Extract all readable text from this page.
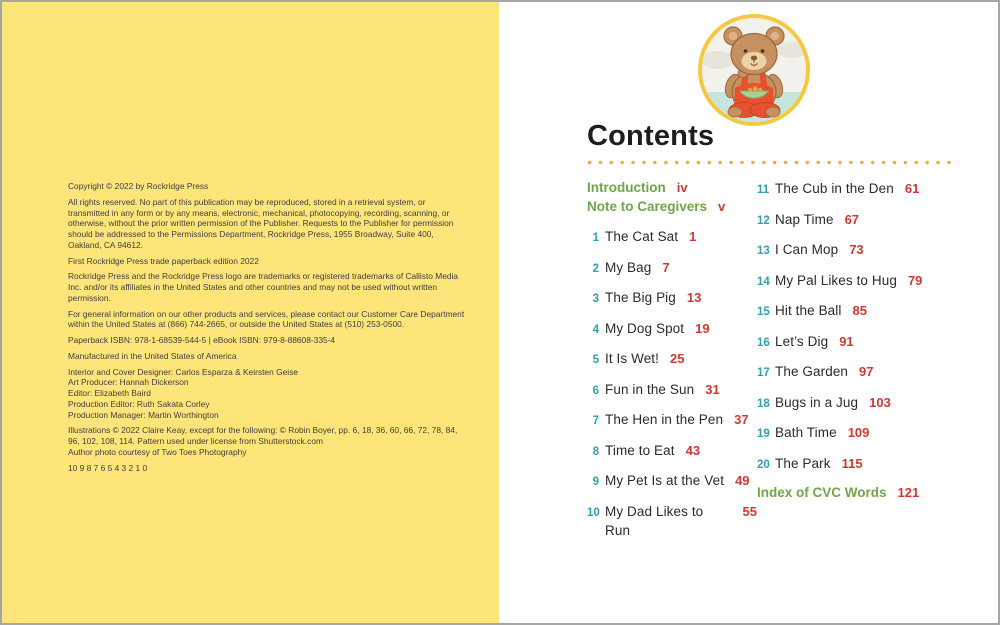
Copyright © 2022 by Rockridge Press

All rights reserved. No part of this publication may be reproduced, stored in a retrieval system, or transmitted in any form or by any means, electronic, mechanical, photocopying, recording, scanning, or otherwise, without the prior written permission of the Publisher. Requests to the Publisher for permission should be addressed to the Permissions Department, Rockridge Press, 1955 Broadway, Suite 400, Oakland, CA 94612.

First Rockridge Press trade paperback edition 2022

Rockridge Press and the Rockridge Press logo are trademarks or registered trademarks of Callisto Media Inc. and/or its affiliates in the United States and other countries and may not be used without written permission.

For general information on our other products and services, please contact our Customer Care Department within the United States at (866) 744-2665, or outside the United States at (510) 253-0500.

Paperback ISBN: 978-1-68539-544-5 | eBook ISBN: 979-8-88608-335-4

Manufactured in the United States of America

Interior and Cover Designer: Carlos Esparza & Keirsten Geise

Art Producer: Hannah Dickerson

Editor: Elizabeth Baird

Production Editor: Ruth Sakata Corley

Production Manager: Martin Worthington

Illustrations © 2022 Claire Keay, except for the following: © Robin Boyer, pp. 6, 18, 36, 60, 66, 72, 78, 84, 96, 102, 108, 114. Pattern used under license from Shutterstock.com

Author photo courtesy of Two Toes Photography

10 9 8 7 6 5 4 3 2 1 0

Contents
Introduction iv
Note to Caregivers v
1 The Cat Sat 1
2 My Bag 7
3 The Big Pig 13
4 My Dog Spot 19
5 It Is Wet! 25
6 Fun in the Sun 31
7 The Hen in the Pen 37
8 Time to Eat 43
9 My Pet Is at the Vet 49
10 My Dad Likes to Run
55
11 The Cub in the Den 61
12 Nap Time 67
13 I Can Mop 73
14 My Pal Likes to Hug 79
15 Hit the Ball 85
16 Let’s Dig 91
17 The Garden 97
18 Bugs in a Jug 103
19 Bath Time 109
20 The Park 115
Index of CVC Words 121
